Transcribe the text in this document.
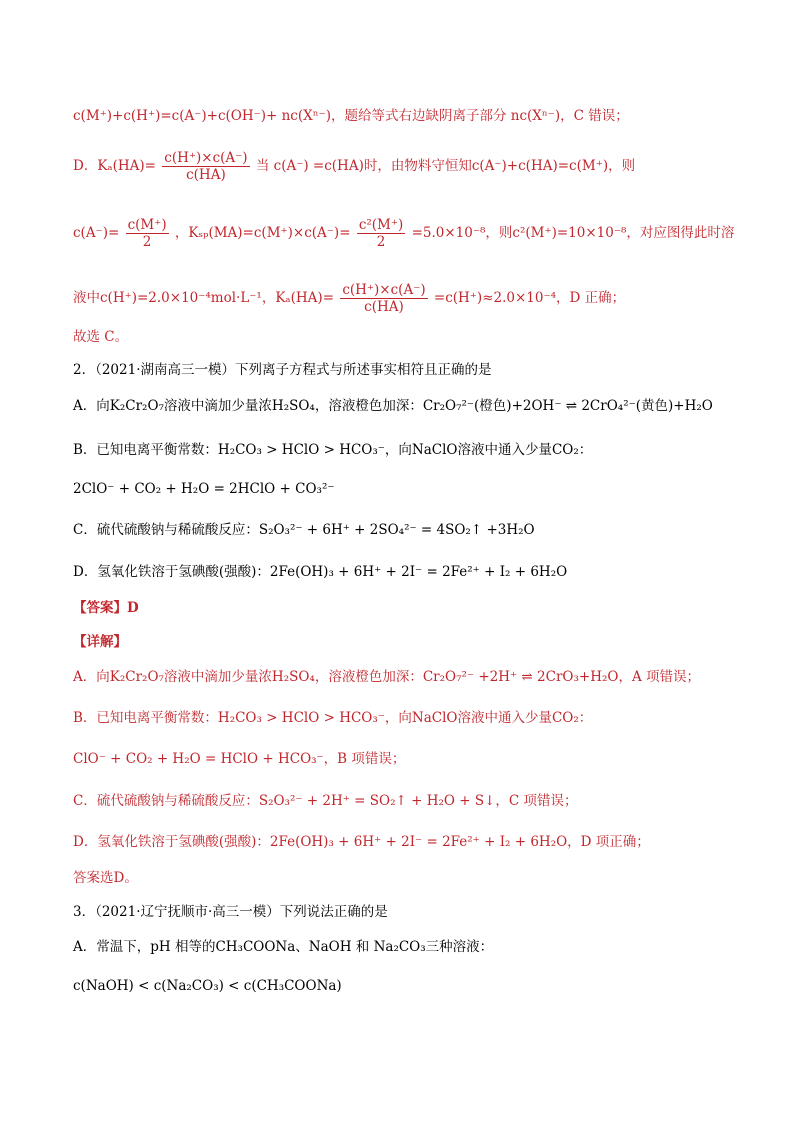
c(M⁺)+c(H⁺)=c(A⁻)+c(OH⁻)+ nc(Xⁿ⁻)，题给等式右边缺阴离子部分 nc(Xⁿ⁻)，C 错误；
D．$K_a(HA)= \frac{c(H^+)\times c(A^-)}{c(HA)}$ 当 c(A⁻) =c(HA)时，由物料守恒知c(A⁻)+c(HA)=c(M⁺)，则
$c(A^-)= \frac{c(M^+)}{2}$ ，$K_{sp}(MA)=c(M^+)\times c(A^-)= \frac{\text{c²(M⁺)}}{2} =5.0\times 10^{-8}$，则c²(M⁺)=10×10⁻⁸，对应图得此时溶
液中c(H⁺)=2.0×10⁻⁴mol·L⁻¹，$K_a(HA)= \frac{c(H^+)\times c(A^-)}{c(HA)} =c(H^+)\approx 2.0\times 10^{-4}$，D 正确；
故选 C。
2．（2021·湖南高三一模）下列离子方程式与所述事实相符且正确的是
A．向K₂Cr₂O₇溶液中滴加少量浓H₂SO₄，溶液橙色加深：Cr₂O₇²⁻(橙色)+2OH⁻ ⇌ 2CrO₄²⁻(黄色)+H₂O
B．已知电离平衡常数：H₂CO₃ > HClO > HCO₃⁻，向NaClO溶液中通入少量CO₂：
2ClO⁻ + CO₂ + H₂O = 2HClO + CO₃²⁻
C．硫代硫酸钠与稀硫酸反应：S₂O₃²⁻ + 6H⁺ + 2SO₄²⁻ = 4SO₂↑ +3H₂O
D．氢氧化铁溶于氢碘酸(强酸)：2Fe(OH)₃ + 6H⁺ + 2I⁻ = 2Fe²⁺ + I₂ + 6H₂O
【答案】D
【详解】
A．向K₂Cr₂O₇溶液中滴加少量浓H₂SO₄，溶液橙色加深：Cr₂O₇²⁻ +2H⁺ ⇌ 2CrO₃+H₂O，A 项错误；
B．已知电离平衡常数：H₂CO₃ > HClO > HCO₃⁻，向NaClO溶液中通入少量CO₂：
ClO⁻ + CO₂ + H₂O = HClO + HCO₃⁻，B 项错误；
C．硫代硫酸钠与稀硫酸反应：S₂O₃²⁻ + 2H⁺ = SO₂↑ + H₂O + S↓，C 项错误；
D．氢氧化铁溶于氢碘酸(强酸)：2Fe(OH)₃ + 6H⁺ + 2I⁻ = 2Fe²⁺ + I₂ + 6H₂O，D 项正确；
答案选D。
3．（2021·辽宁抚顺市·高三一模）下列说法正确的是
A．常温下，pH 相等的CH₃COONa、NaOH 和 Na₂CO₃三种溶液：
c(NaOH) < c(Na₂CO₃) < c(CH₃COONa)
